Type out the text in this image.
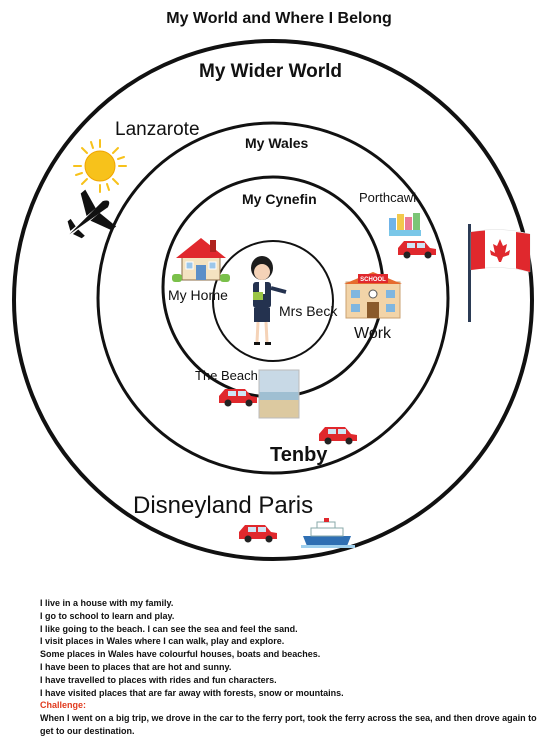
My World and Where I Belong
SCHOOL
My Wider World
My Wales
My Cynefin
Lanzarote
Porthcawl
My Home
Mrs Beck
Work
The Beach
Tenby
Disneyland Paris
I live in a house with my family.
I go to school to learn and play.
I like going to the beach. I can see the sea and feel the sand.
I visit places in Wales where I can walk, play and explore.
Some places in Wales have colourful houses, boats and beaches.
I have been to places that are hot and sunny.
I have travelled to places with rides and fun characters.
I have visited places that are far away with forests, snow or mountains.
Challenge:
When I went on a big trip, we drove in the car to the ferry port, took the ferry across the sea, and then drove again to get to our destination.
